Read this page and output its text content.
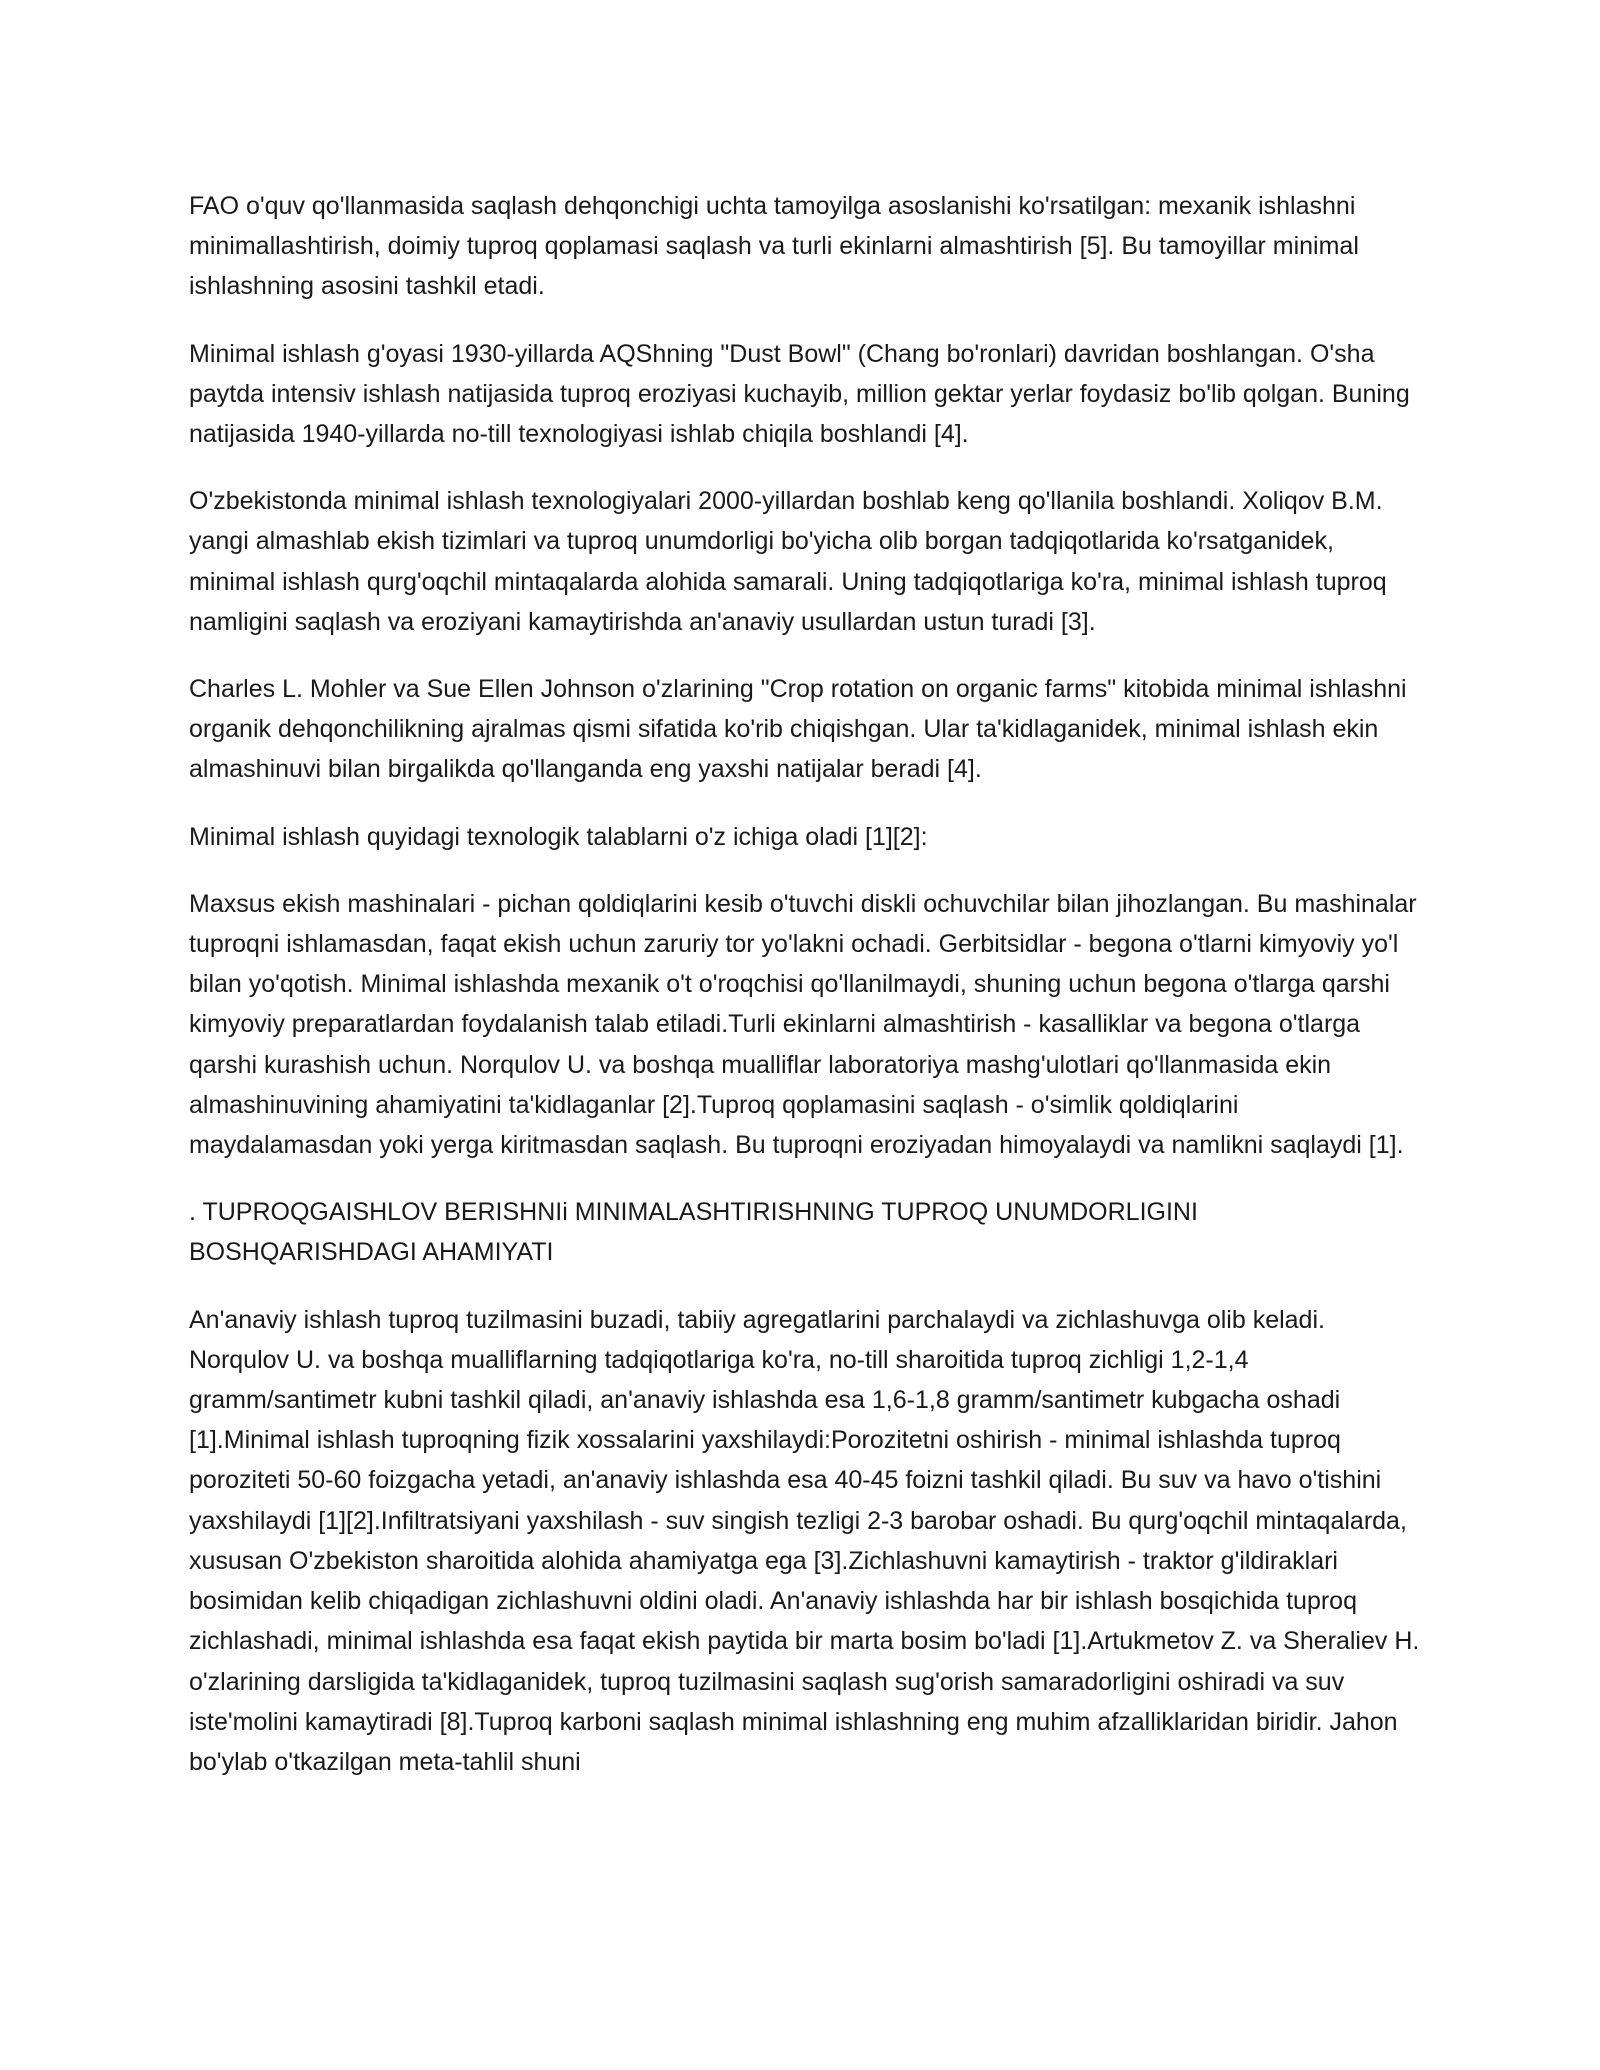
FAO o'quv qo'llanmasida saqlash dehqonchigi uchta tamoyilga asoslanishi ko'rsatilgan: mexanik ishlashni minimallashtirish, doimiy tuproq qoplamasi saqlash va turli ekinlarni almashtirish [5]. Bu tamoyillar minimal ishlashning asosini tashkil etadi.

Minimal ishlash g'oyasi 1930-yillarda AQShning "Dust Bowl" (Chang bo'ronlari) davridan boshlangan. O'sha paytda intensiv ishlash natijasida tuproq eroziyasi kuchayib, million gektar yerlar foydasiz bo'lib qolgan. Buning natijasida 1940-yillarda no-till texnologiyasi ishlab chiqila boshlandi [4].

O'zbekistonda minimal ishlash texnologiyalari 2000-yillardan boshlab keng qo'llanila boshlandi. Xoliqov B.M. yangi almashlab ekish tizimlari va tuproq unumdorligi bo'yicha olib borgan tadqiqotlarida ko'rsatganidek, minimal ishlash qurg'oqchil mintaqalarda alohida samarali. Uning tadqiqotlariga ko'ra, minimal ishlash tuproq namligini saqlash va eroziyani kamaytirishda an'anaviy usullardan ustun turadi [3].

Charles L. Mohler va Sue Ellen Johnson o'zlarining "Crop rotation on organic farms" kitobida minimal ishlashni organik dehqonchilikning ajralmas qismi sifatida ko'rib chiqishgan. Ular ta'kidlaganidek, minimal ishlash ekin almashinuvi bilan birgalikda qo'llanganda eng yaxshi natijalar beradi [4].

Minimal ishlash quyidagi texnologik talablarni o'z ichiga oladi [1][2]:

Maxsus ekish mashinalari - pichan qoldiqlarini kesib o'tuvchi diskli ochuvchilar bilan jihozlangan. Bu mashinalar tuproqni ishlamasdan, faqat ekish uchun zaruriy tor yo'lakni ochadi. Gerbitsidlar - begona o'tlarni kimyoviy yo'l bilan yo'qotish. Minimal ishlashda mexanik o't o'roqchisi qo'llanilmaydi, shuning uchun begona o'tlarga qarshi kimyoviy preparatlardan foydalanish talab etiladi.Turli ekinlarni almashtirish - kasalliklar va begona o'tlarga qarshi kurashish uchun. Norqulov U. va boshqa mualliflar laboratoriya mashg'ulotlari qo'llanmasida ekin almashinuvining ahamiyatini ta'kidlaganlar [2].Tuproq qoplamasini saqlash - o'simlik qoldiqlarini maydalamasdan yoki yerga kiritmasdan saqlash. Bu tuproqni eroziyadan himoyalaydi va namlikni saqlaydi [1].

. TUPROQGAISHLOV BERISHNIi MINIMALASHTIRISHNING TUPROQ UNUMDORLIGINI BOSHQARISHDAGI AHAMIYATI

An'anaviy ishlash tuproq tuzilmasini buzadi, tabiiy agregatlarini parchalaydi va zichlashuvga olib keladi. Norqulov U. va boshqa mualliflarning tadqiqotlariga ko'ra, no-till sharoitida tuproq zichligi 1,2-1,4 gramm/santimetr kubni tashkil qiladi, an'anaviy ishlashda esa 1,6-1,8 gramm/santimetr kubgacha oshadi [1].Minimal ishlash tuproqning fizik xossalarini yaxshilaydi:Porozitetni oshirish - minimal ishlashda tuproq poroziteti 50-60 foizgacha yetadi, an'anaviy ishlashda esa 40-45 foizni tashkil qiladi. Bu suv va havo o'tishini yaxshilaydi [1][2].Infiltratsiyani yaxshilash - suv singish tezligi 2-3 barobar oshadi. Bu qurg'oqchil mintaqalarda, xususan O'zbekiston sharoitida alohida ahamiyatga ega [3].Zichlashuvni kamaytirish - traktor g'ildiraklari bosimidan kelib chiqadigan zichlashuvni oldini oladi. An'anaviy ishlashda har bir ishlash bosqichida tuproq zichlashadi, minimal ishlashda esa faqat ekish paytida bir marta bosim bo'ladi [1].Artukmetov Z. va Sheraliev H. o'zlarining darsligida ta'kidlaganidek, tuproq tuzilmasini saqlash sug'orish samaradorligini oshiradi va suv iste'molini kamaytiradi [8].Tuproq karboni saqlash minimal ishlashning eng muhim afzalliklaridan biridir. Jahon bo'ylab o'tkazilgan meta-tahlil shuni
